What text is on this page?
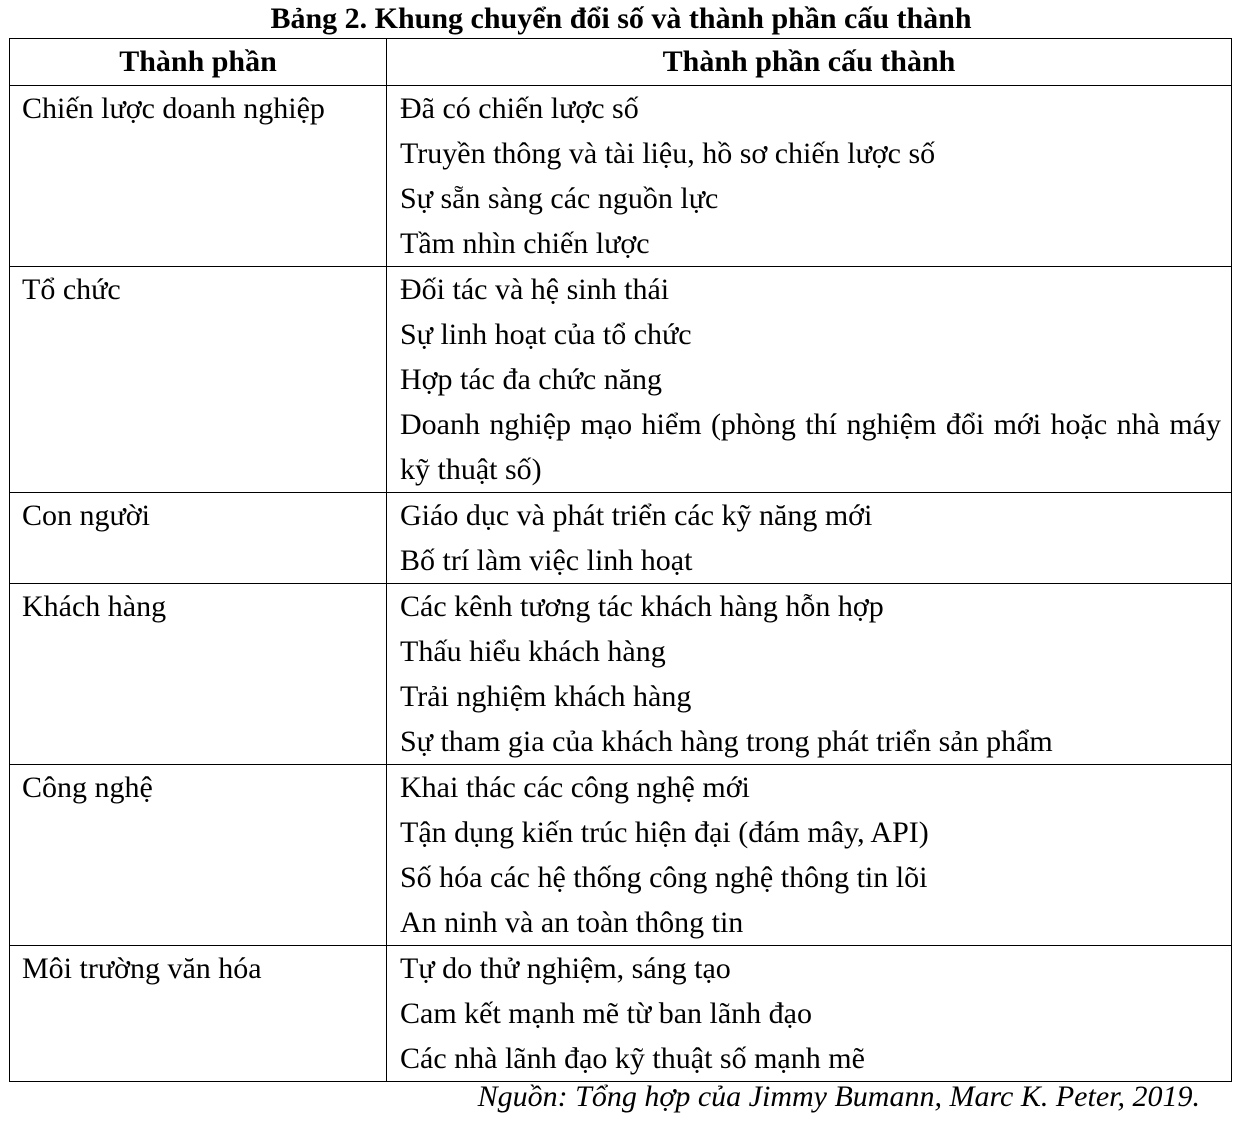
Bảng 2. Khung chuyển đổi số và thành phần cấu thành
Thành phần	Thành phần cấu thành

Chiến lược doanh nghiệp	Đã có chiến lược số
Truyền thông và tài liệu, hồ sơ chiến lược số
Sự sẵn sàng các nguồn lực
Tầm nhìn chiến lược

Tổ chức	Đối tác và hệ sinh thái
Sự linh hoạt của tổ chức
Hợp tác đa chức năng
Doanh nghiệp mạo hiểm (phòng thí nghiệm đổi mới hoặc nhà máy kỹ thuật số)

Con người	Giáo dục và phát triển các kỹ năng mới
Bố trí làm việc linh hoạt

Khách hàng	Các kênh tương tác khách hàng hỗn hợp
Thấu hiểu khách hàng
Trải nghiệm khách hàng
Sự tham gia của khách hàng trong phát triển sản phẩm

Công nghệ	Khai thác các công nghệ mới
Tận dụng kiến trúc hiện đại (đám mây, API)
Số hóa các hệ thống công nghệ thông tin lõi
An ninh và an toàn thông tin

Môi trường văn hóa	Tự do thử nghiệm, sáng tạo
Cam kết mạnh mẽ từ ban lãnh đạo
Các nhà lãnh đạo kỹ thuật số mạnh mẽ
Nguồn: Tổng hợp của Jimmy Bumann, Marc K. Peter, 2019.
